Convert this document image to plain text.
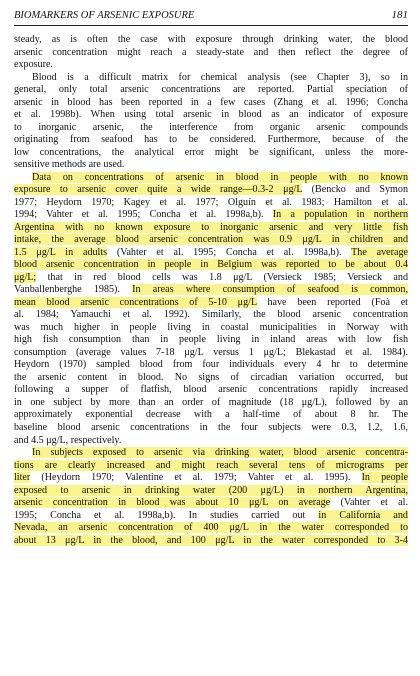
BIOMARKERS OF ARSENIC EXPOSURE	181
steady, as is often the case with exposure through drinking water, the blood
arsenic concentration might reach a steady-state and then reflect the degree of
exposure.
Blood is a difficult matrix for chemical analysis (see Chapter 3), so in
general, only total arsenic concentrations are reported. Partial speciation of
arsenic in blood has been reported in a few cases (Zhang et al. 1996; Concha
et al. 1998b). When using total arsenic in blood as an indicator of exposure
to inorganic arsenic, the interference from organic arsenic compounds
originating from seafood has to be considered. Furthermore, because of the
low concentrations, the analytical error might be significant, unless the more-
sensitive methods are used.
Data on concentrations of arsenic in blood in people with no known
exposure to arsenic cover quite a wide range—0.3-2 μg/L (Bencko and Symon
1977; Heydorn 1970; Kagey et al. 1977; Olguín et al. 1983; Hamilton et al.
1994; Vahter et al. 1995; Concha et al. 1998a,b). In a population in northern
Argentina with no known exposure to inorganic arsenic and very little fish
intake, the average blood arsenic concentration was 0.9 μg/L in children and
1.5 μg/L in adults (Vahter et al. 1995; Concha et al. 1998a,b). The average
blood arsenic concentration in people in Belgium was reported to be about 0.4
μg/L; that in red blood cells was 1.8 μg/L (Versieck 1985; Versieck and
Vanballenberghe 1985). In areas where consumption of seafood is common,
mean blood arsenic concentrations of 5-10 μg/L have been reported (Foà et
al. 1984; Yamauchi et al. 1992). Similarly, the blood arsenic concentration
was much higher in people living in coastal municipalities in Norway with
high fish consumption than in people living in inland areas with low fish
consumption (average values 7-18 μg/L versus 1 μg/L; Blekastad et al. 1984).
Heydorn (1970) sampled blood from four individuals every 4 hr to determine
the arsenic content in blood. No signs of circadian variation occurred, but
following a supper of flatfish, blood arsenic concentrations rapidly increased
in one subject by more than an order of magnitude (18 μg/L), followed by an
approximately exponential decrease with a half-time of about 8 hr. The
baseline blood arsenic concentrations in the four subjects were 0.3, 1.2, 1.6,
and 4.5 μg/L, respectively.
In subjects exposed to arsenic via drinking water, blood arsenic concentra-
tions are clearly increased and might reach several tens of micrograms per
liter (Heydorn 1970; Valentine et al. 1979; Vahter et al. 1995). In people
exposed to arsenic in drinking water (200 μg/L) in northern Argentina,
arsenic concentration in blood was about 10 μg/L on average (Vahter et al.
1995; Concha et al. 1998a,b). In studies carried out in California and
Nevada, an arsenic concentration of 400 μg/L in the water corresponded to
about 13 μg/L in the blood, and 100 μg/L in the water corresponded to 3-4
